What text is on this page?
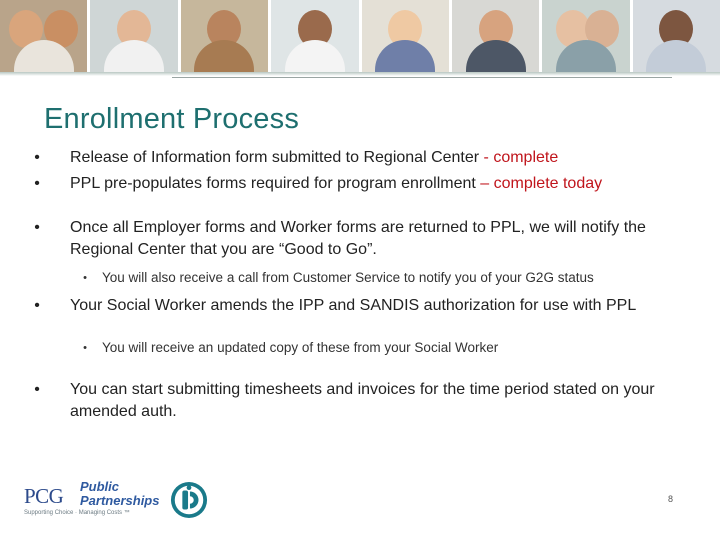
Enrollment Process
• Release of Information form submitted to Regional Center - complete
• PPL pre-populates forms required for program enrollment – complete today
• Once all Employer forms and Worker forms are returned to PPL, we will notify the Regional Center that you are “Good to Go”.
•	You will also receive a call from Customer Service to notify you of your G2G status
• Your Social Worker amends the IPP and SANDIS authorization for use with PPL
•	You will receive an updated copy of these from your Social Worker
• You can start submitting timesheets and invoices for the time period stated on your amended auth.
PCG Public
Partnerships
Supporting Choice · Managing Costs ™
8
